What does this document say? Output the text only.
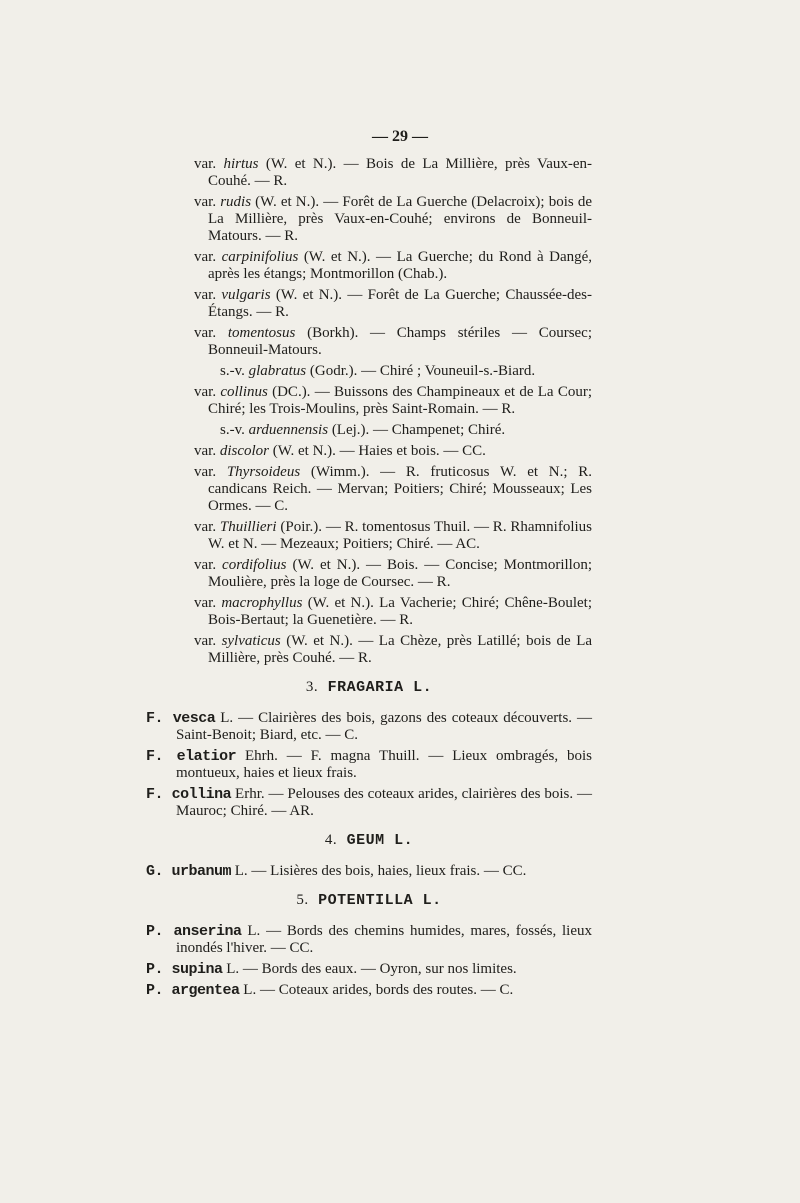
— 29 —

var. hirtus (W. et N.). — Bois de La Millière, près Vaux-en-Couhé. — R.

var. rudis (W. et N.). — Forêt de La Guerche (Delacroix); bois de La Millière, près Vaux-en-Couhé; environs de Bonneuil-Matours. — R.

var. carpinifolius (W. et N.). — La Guerche; du Rond à Dangé, après les étangs; Montmorillon (Chab.).

var. vulgaris (W. et N.). — Forêt de La Guerche; Chaussée-des-Étangs. — R.

var. tomentosus (Borkh). — Champs stériles — Coursec; Bonneuil-Matours.

s.-v. glabratus (Godr.). — Chiré ; Vouneuil-s.-Biard.

var. collinus (DC.). — Buissons des Champineaux et de La Cour; Chiré; les Trois-Moulins, près Saint-Romain. — R.

s.-v. arduennensis (Lej.). — Champenet; Chiré.

var. discolor (W. et N.). — Haies et bois. — CC.

var. Thyrsoideus (Wimm.). — R. fruticosus W. et N.; R. candicans Reich. — Mervan; Poitiers; Chiré; Mousseaux; Les Ormes. — C.

var. Thuillieri (Poir.). — R. tomentosus Thuil. — R. Rhamnifolius W. et N. — Mezeaux; Poitiers; Chiré. — AC.

var. cordifolius (W. et N.). — Bois. — Concise; Montmorillon; Moulière, près la loge de Coursec. — R.

var. macrophyllus (W. et N.). La Vacherie; Chiré; Chêne-Boulet; Bois-Bertaut; la Guenetière. — R.

var. sylvaticus (W. et N.). — La Chèze, près Latillé; bois de La Millière, près Couhé. — R.

3. FRAGARIA L.

F. vesca L. — Clairières des bois, gazons des coteaux découverts. — Saint-Benoit; Biard, etc. — C.

F. elatior Ehrh. — F. magna Thuill. — Lieux ombragés, bois montueux, haies et lieux frais.

F. collina Erhr. — Pelouses des coteaux arides, clairières des bois. — Mauroc; Chiré. — AR.

4. GEUM L.

G. urbanum L. — Lisières des bois, haies, lieux frais. — CC.

5. POTENTILLA L.

P. anserina L. — Bords des chemins humides, mares, fossés, lieux inondés l'hiver. — CC.

P. supina L. — Bords des eaux. — Oyron, sur nos limites.

P. argentea L. — Coteaux arides, bords des routes. — C.
